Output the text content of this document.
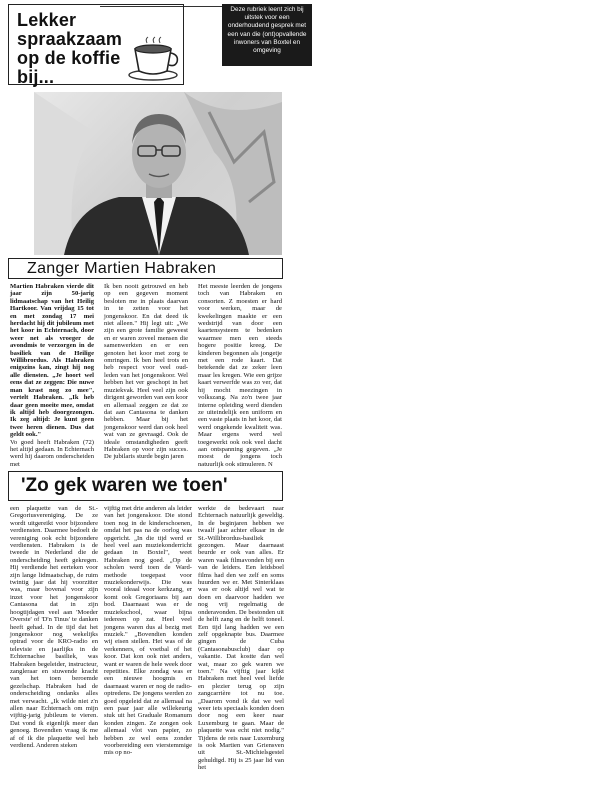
— — — —
Lekker
spraakzaam
op de koffie
bij...
Deze rubriek leent zich bij uitstek voor een onderhoudend gesprek met een van die (ont)opvallende inwoners van Boxtel en omgeving
Zanger Martien Habraken

Martien Habraken vierde dit jaar zijn 50-jarig lidmaatschap van het Heilig Hartkoor. Van vrijdag 15 tot en met zondag 17 mei herdacht hij dit jubileum met het koor in Echternach, door weer net als vroeger de avondmis te verzorgen in de basiliek van de Heilige Willibrordus. Als Habraken enigszins kan, zingt hij nog alle diensten. „Je hoort wel eens dat ze zeggen: Die nuwe man krast nog zo mee", vertelt Habraken. „Ik heb daar geen moeite mee, omdat ik altijd heb doorgezongen. Ik zeg altijd: Je kunt geen twee heren dienen. Dus dat geldt ook."

Vo goed heeft Habraken (72) het altijd gedaan. In Echternach werd hij daarom onderscheiden met

Ik ben nooit getrouwd en heb op een gegeven moment besloten me in plaats daarvan in te zetten voor het jongenskoor. En dat deed ik niet alleen." Hij legt uit: „We zijn een grote familie geweest en er waren zoveel mensen die samenwerkten en er een genoten het koor met zorg te omringen. Ik ben heel trots en heb respect voor veel oud-leden van het jongenskoor. Wel hebben het ver geschopt in het muziekvak. Heel veel zijn ook dirigent geworden van een koor en allemaal zeggen ze dat ze dat aan Cantasona te danken hebben. Maar bij het jongenskoor werd dan ook heel wat van ze gevraagd. Ook de ideale omstandigheden geeft Habraken op voor zijn succes. De jubilaris sturde begin jaren

Het meeste leerden de jongens toch van Habraken en consorten. Z moesten er hard voor werken, maar de kwekelingen maakte er een wedstrijd van door een kaartensysteem te bedenken waarmee men een steeds hogere positie kreeg. De kinderen begonnen als jongetje met een rode kaart. Dat betekende dat ze zeker leen maar les kregen. Wie een grijze kaart verwerfde was zo ver, dat hij mocht meezingen in volkszang. Na zo'n twee jaar interne opleiding werd dienden ze uiteindelijk een uniform en een vaste plaats in het koor, dat werd ongekende kwaliteit was. Maar ergens werd wel toegewerkt ook ook veel dacht aan ontspanning gegeven. „Je moest de jongens toch natuurlijk ook stimuleren. N

'Zo gek waren we toen'

een plaquette van de St.-Gregoriusvereniging. De ze wordt uitgereikt voor bijzondere verdiensten. Daarmee bedoelt de vereniging ook echt bijzondere verdiensten. Habraken is de tweede in Nederland die de onderscheiding heeft gekregen. Hij verdiende het eerteken voor zijn lange lidmaatschap, de ruim twintig jaar dat hij voorzitter was, maar bovenal voor zijn inzet voor het jongenskoor Cantasona dat in zijn hoogtijdagen veel aan 'Moeder Overste' of 'D'n Tinus' te danken heeft gehad. In de tijd dat het jongenskoor nog wekelijks optrad voor de KRO-radio en televisie en jaarlijks in de Echternachse basiliek, was Habraken begeleider, instructeur, zangleraar en stuwende kracht van het toen beroemde gezelschap. Habraken had de onderscheiding ondanks alles met verwacht. „Ik wilde niet z'n allen naar Echternach om mijn vijftig-jarig jubileum te vieren. Dat vond ik eigenlijk meer dan genoeg. Bovendien vraag ik me af of ik die plaquette wel heb verdiend. Anderen steken

vijftig met drie anderen als leider van het jongenskoor. Die stond toen nog in de kinderschoenen, omdat het pas na de oorlog was opgericht. „In die tijd werd er heel veel aan muziekonderricht gedaan in Boxtel", weet Habraken nog goed. „Op de scholen werd toen de Ward-methode toegepast voor muziekonderwijs. Die was vooral ideaal voor kerkzang, er komt ook Gregoriaans bij aan bod. Daarnaast was er de muziekschool, waar bijna iedereen op zat. Heel veel jongens waren dus al bezig met muziek." „Bovendien konden wij eisen stellen. Het was of de verkenners, of voetbal of het koor. Dat kon ook niet anders, want er waren de hele week door repetities. Elke zondag was er een nieuwe hoogmis en daarnaast waren er nog de radio-optredens. De jongens werden zo goed opgeleid dat ze allemaal na een paar jaar alle willekeurig stuk uit het Graduale Romanum konden zingen. Ze zongen ook allemaal vlot van papier, zo hebben ze wel eens zonder voorbereiding een vierstemmige mis op no-

werkte de bedevaart naar Echternach natuurlijk geweldig. In de beginjaren hebben we twaalf jaar achter elkaar in de St.-Willibrordus-basiliek gezongen. Maar daarnaast beurde er ook van alles. Er waren vaak filmavonden bij een van de leiders. Een leidsboel films had den we zelf en soms huurden we er. Met Sinterklaas was er ook altijd wel wat te doen en daarvoor hadden we nog vrij regelmatig de onderavonden. De bestonden uit de helft zang en de helft toneel. Een tijd lang hadden we een zelf opgeknapte bus. Daarmee gingen de Cuba (Cantasonabusclub) daar op vakantie. Dat kostte dan wel wat, maar zo gek waren we toen." Na vijftig jaar kijkt Habraken met heel veel liefde en plezier terug op zijn zangcarrière tot nu toe. „Daarom vond ik dat we wel weer iets speciaals konden doen door nog een keer naar Luxemburg te gaan. Maar de plaquette was echt niet nodig." Tijdens de reis naar Luxemburg is ook Martien van Griensven uit St.-Michielsgestel gehuldigd. Hij is 25 jaar lid van het
